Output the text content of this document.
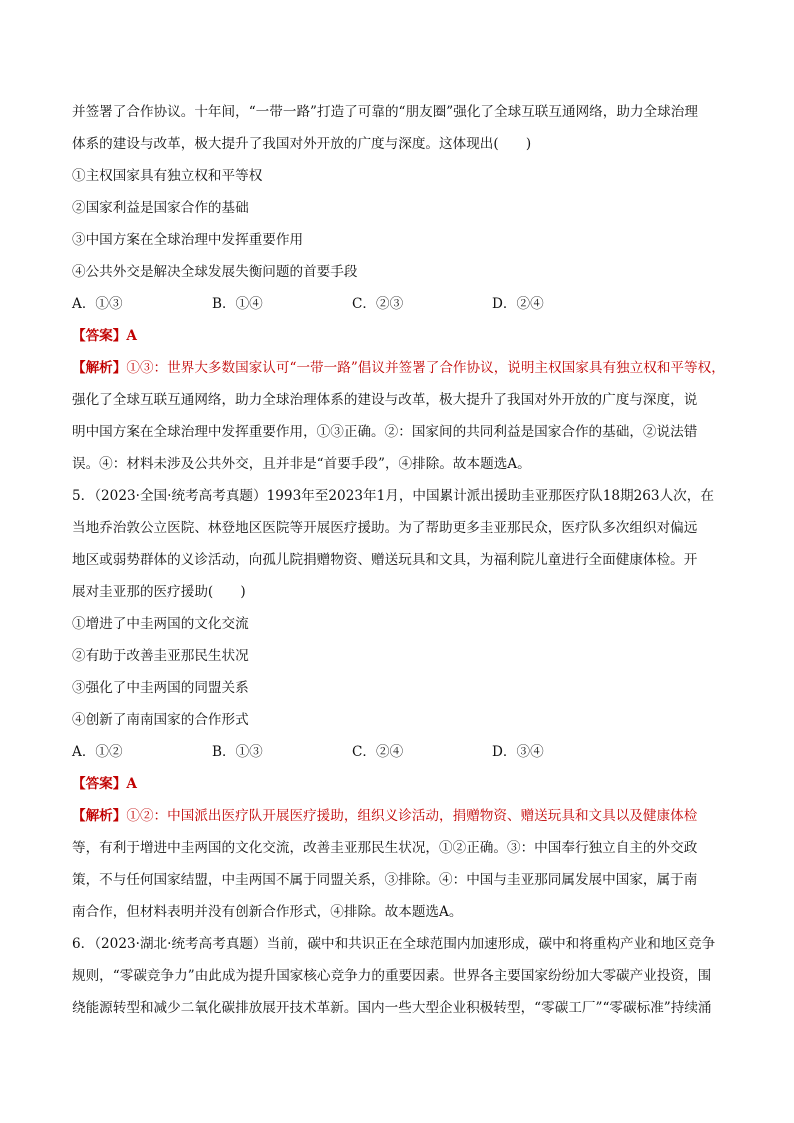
并签署了合作协议。十年间，“一带一路”打造了可靠的“朋友圈”强化了全球互联互通网络，助力全球治理
体系的建设与改革，极大提升了我国对外开放的广度与深度。这体现出(　　)
①主权国家具有独立权和平等权
②国家利益是国家合作的基础
③中国方案在全球治理中发挥重要作用
④公共外交是解决全球发展失衡问题的首要手段
A．①③	B．①④	C．②③	D．②④
【答案】A
【解析】①③：世界大多数国家认可“一带一路”倡议并签署了合作协议，说明主权国家具有独立权和平等权，
强化了全球互联互通网络，助力全球治理体系的建设与改革，极大提升了我国对外开放的广度与深度，说
明中国方案在全球治理中发挥重要作用，①③正确。②：国家间的共同利益是国家合作的基础，②说法错
误。④：材料未涉及公共外交，且并非是“首要手段”，④排除。故本题选A。
5．（2023·全国·统考高考真题）1993年至2023年1月，中国累计派出援助圭亚那医疗队18期263人次，在
当地乔治敦公立医院、林登地区医院等开展医疗援助。为了帮助更多圭亚那民众，医疗队多次组织对偏远
地区或弱势群体的义诊活动，向孤儿院捐赠物资、赠送玩具和文具，为福利院儿童进行全面健康体检。开
展对圭亚那的医疗援助(　　)
①增进了中圭两国的文化交流
②有助于改善圭亚那民生状况
③强化了中圭两国的同盟关系
④创新了南南国家的合作形式
A．①②	B．①③	C．②④	D．③④
【答案】A
【解析】①②：中国派出医疗队开展医疗援助，组织义诊活动，捐赠物资、赠送玩具和文具以及健康体检
等，有利于增进中圭两国的文化交流，改善圭亚那民生状况，①②正确。③：中国奉行独立自主的外交政
策，不与任何国家结盟，中圭两国不属于同盟关系，③排除。④：中国与圭亚那同属发展中国家，属于南
南合作，但材料表明并没有创新合作形式，④排除。故本题选A。
6．（2023·湖北·统考高考真题）当前，碳中和共识正在全球范围内加速形成，碳中和将重构产业和地区竞争
规则，“零碳竞争力”由此成为提升国家核心竞争力的重要因素。世界各主要国家纷纷加大零碳产业投资，围
绕能源转型和减少二氧化碳排放展开技术革新。国内一些大型企业积极转型，“零碳工厂”“零碳标准”持续涌
